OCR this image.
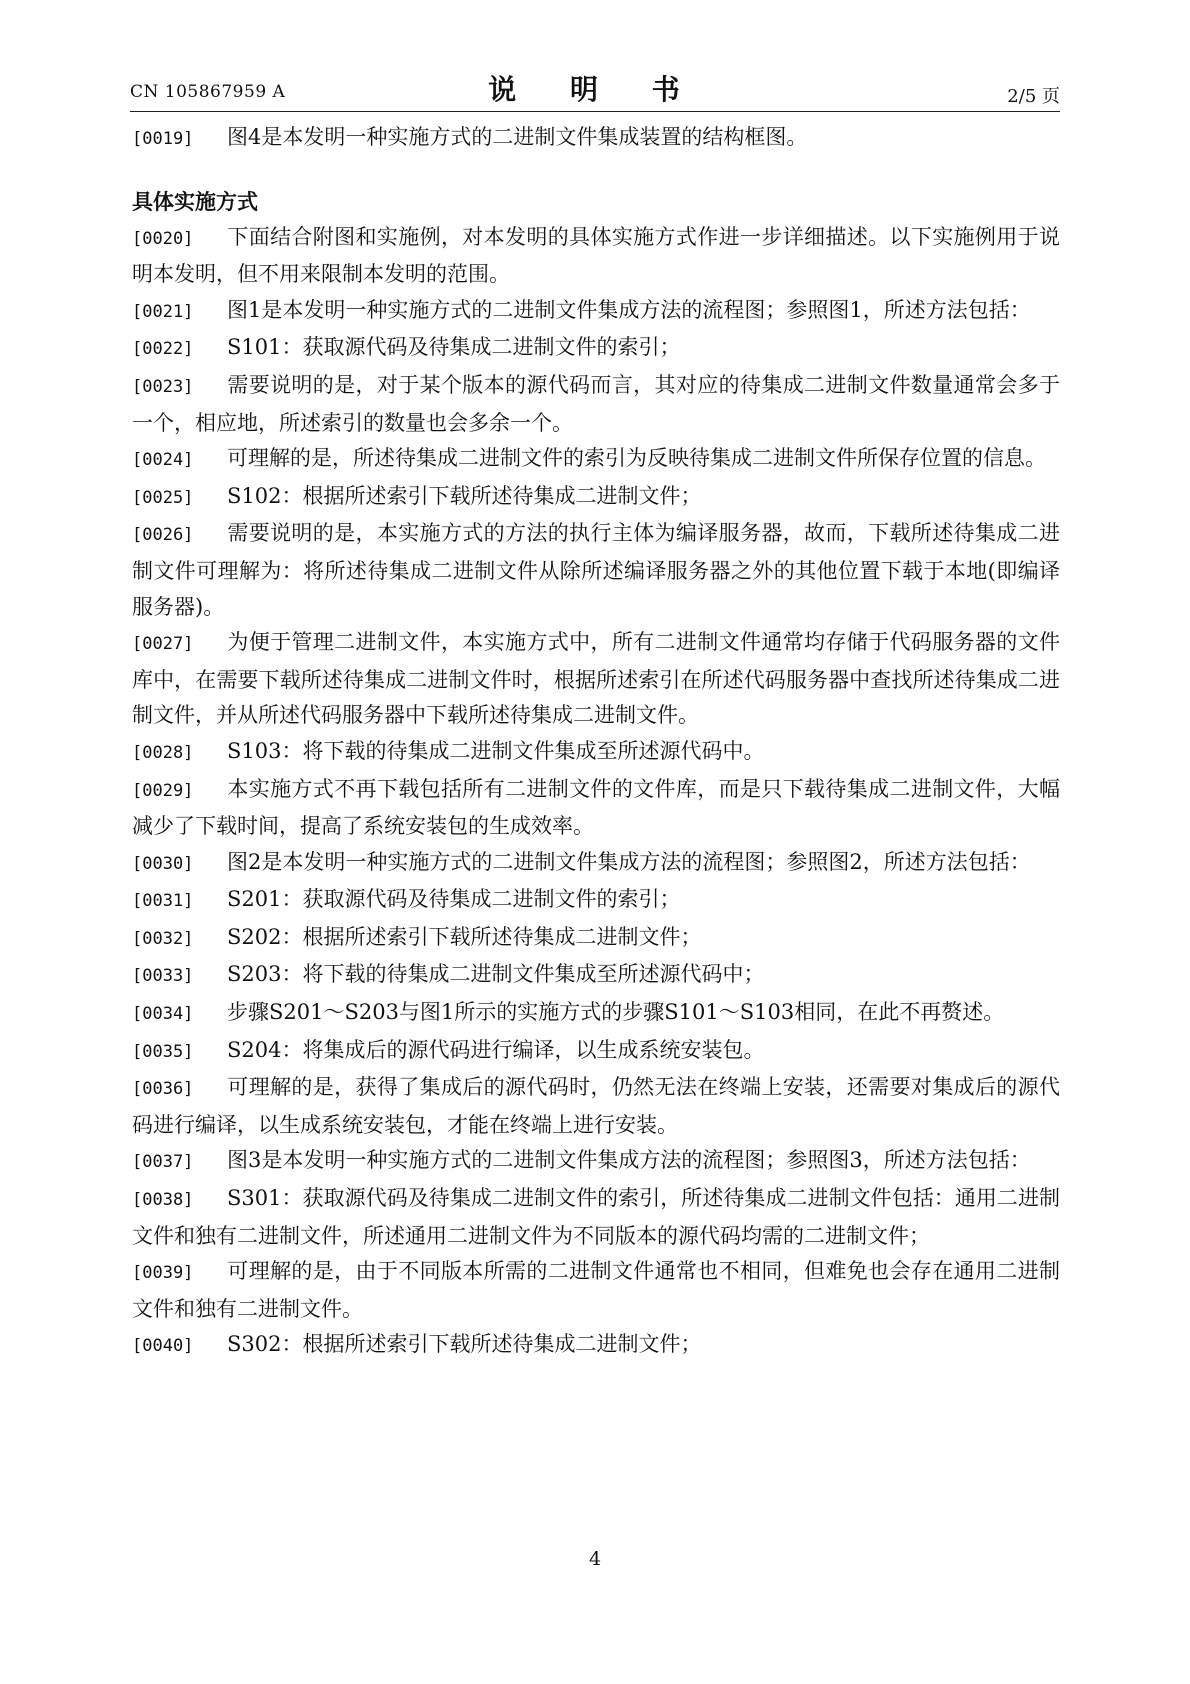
CN 105867959 A	说 明 书	2/5 页
[0019] 图4是本发明一种实施方式的二进制文件集成装置的结构框图。
具体实施方式
[0020] 下面结合附图和实施例，对本发明的具体实施方式作进一步详细描述。以下实施例用于说明本发明，但不用来限制本发明的范围。
[0021] 图1是本发明一种实施方式的二进制文件集成方法的流程图；参照图1，所述方法包括：
[0022] S101：获取源代码及待集成二进制文件的索引；
[0023] 需要说明的是，对于某个版本的源代码而言，其对应的待集成二进制文件数量通常会多于一个，相应地，所述索引的数量也会多余一个。
[0024] 可理解的是，所述待集成二进制文件的索引为反映待集成二进制文件所保存位置的信息。
[0025] S102：根据所述索引下载所述待集成二进制文件；
[0026] 需要说明的是，本实施方式的方法的执行主体为编译服务器，故而，下载所述待集成二进制文件可理解为：将所述待集成二进制文件从除所述编译服务器之外的其他位置下载于本地(即编译服务器)。
[0027] 为便于管理二进制文件，本实施方式中，所有二进制文件通常均存储于代码服务器的文件库中，在需要下载所述待集成二进制文件时，根据所述索引在所述代码服务器中查找所述待集成二进制文件，并从所述代码服务器中下载所述待集成二进制文件。
[0028] S103：将下载的待集成二进制文件集成至所述源代码中。
[0029] 本实施方式不再下载包括所有二进制文件的文件库，而是只下载待集成二进制文件，大幅减少了下载时间，提高了系统安装包的生成效率。
[0030] 图2是本发明一种实施方式的二进制文件集成方法的流程图；参照图2，所述方法包括：
[0031] S201：获取源代码及待集成二进制文件的索引；
[0032] S202：根据所述索引下载所述待集成二进制文件；
[0033] S203：将下载的待集成二进制文件集成至所述源代码中；
[0034] 步骤S201～S203与图1所示的实施方式的步骤S101～S103相同，在此不再赘述。
[0035] S204：将集成后的源代码进行编译，以生成系统安装包。
[0036] 可理解的是，获得了集成后的源代码时，仍然无法在终端上安装，还需要对集成后的源代码进行编译，以生成系统安装包，才能在终端上进行安装。
[0037] 图3是本发明一种实施方式的二进制文件集成方法的流程图；参照图3，所述方法包括：
[0038] S301：获取源代码及待集成二进制文件的索引，所述待集成二进制文件包括：通用二进制文件和独有二进制文件，所述通用二进制文件为不同版本的源代码均需的二进制文件；
[0039] 可理解的是，由于不同版本所需的二进制文件通常也不相同，但难免也会存在通用二进制文件和独有二进制文件。
[0040] S302：根据所述索引下载所述待集成二进制文件；
4
